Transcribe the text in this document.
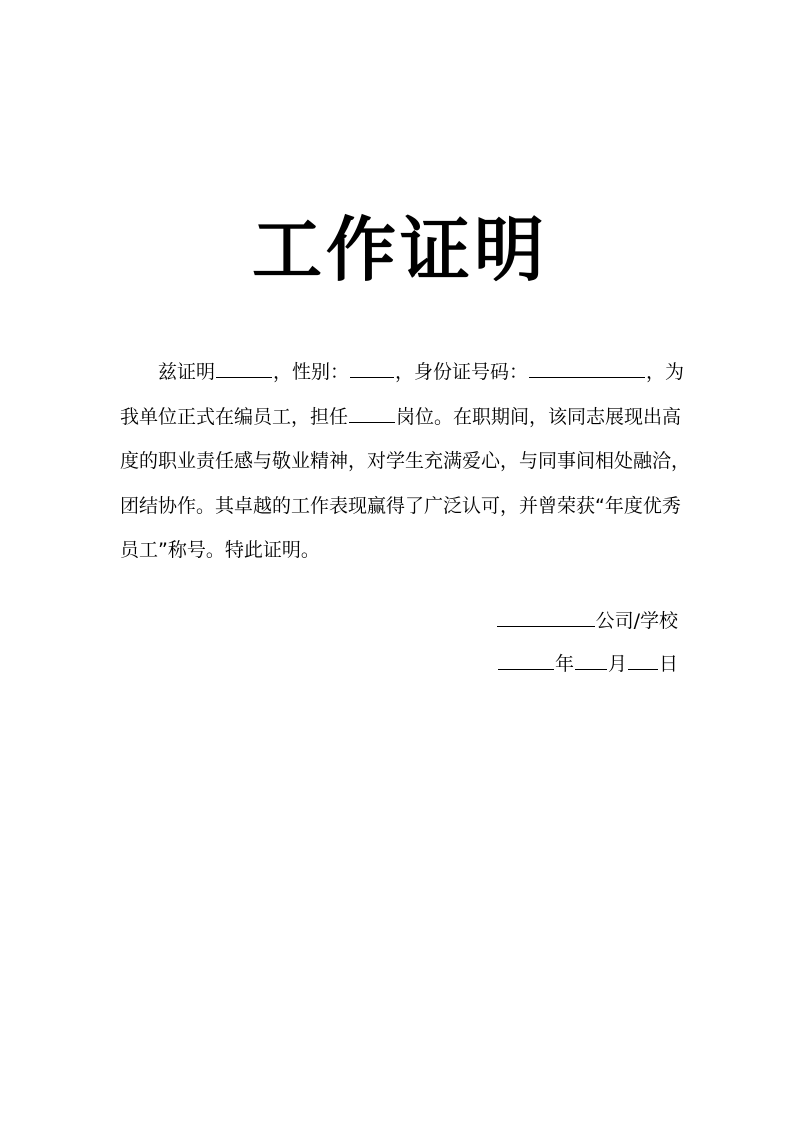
工作证明
兹证明	，性别： ，身份证号码：	，为
我单位正式在编员工，担任	岗位。在职期间，该同志展现出高
度的职业责任感与敬业精神，对学生充满爱心，与同事间相处融洽，
团结协作。其卓越的工作表现赢得了广泛认可，并曾荣获“年度优秀
员工”称号。特此证明。
公司/学校
年 月 日
